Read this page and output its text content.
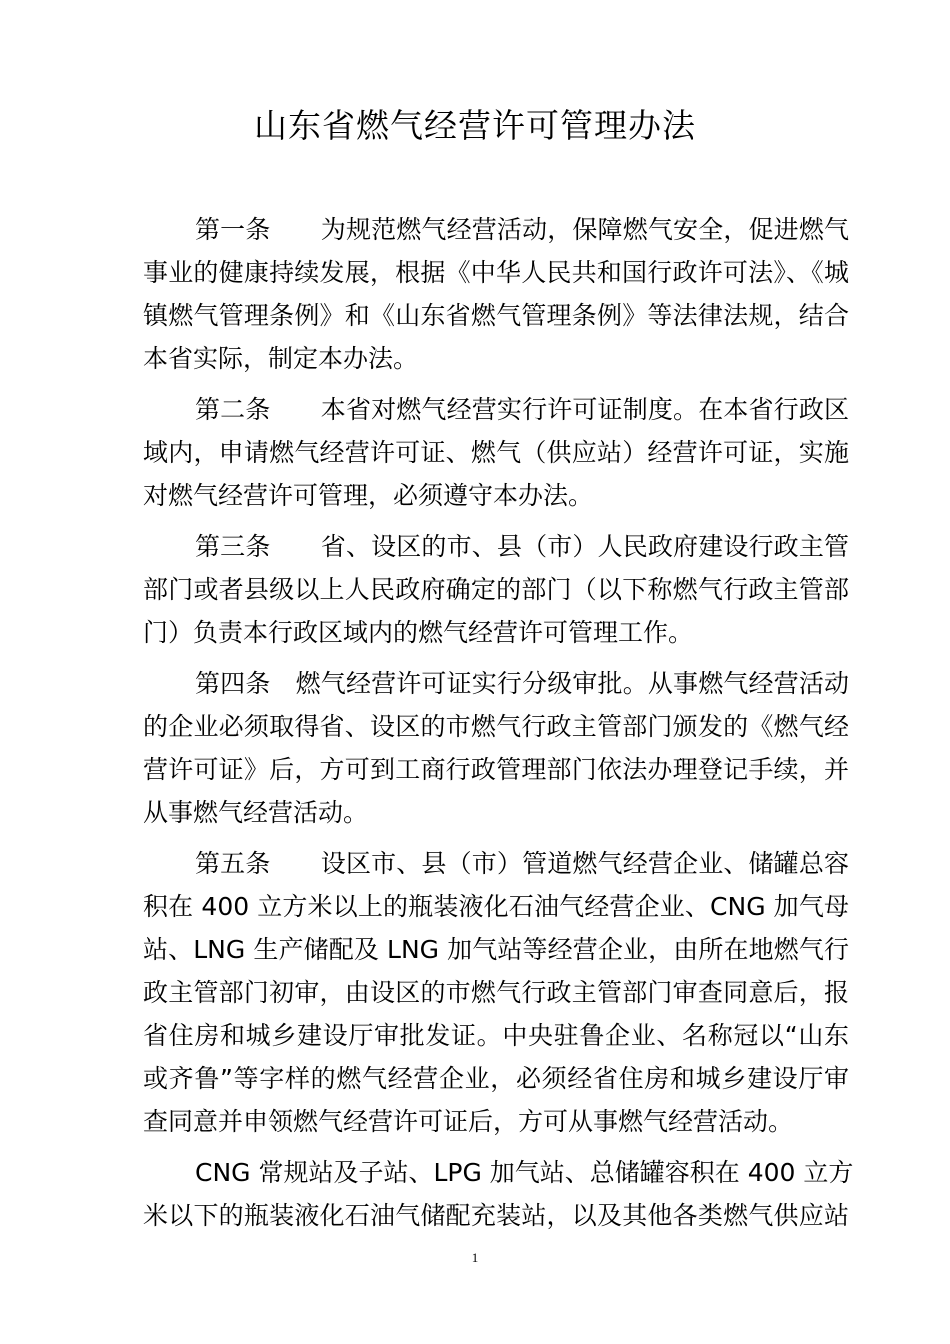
山东省燃气经营许可管理办法
第一条　　为规范燃气经营活动，保障燃气安全，促进燃气
事业的健康持续发展，根据《中华人民共和国行政许可法》、《城
镇燃气管理条例》和《山东省燃气管理条例》等法律法规，结合
本省实际，制定本办法。
第二条　　本省对燃气经营实行许可证制度。在本省行政区
域内，申请燃气经营许可证、燃气（供应站）经营许可证，实施
对燃气经营许可管理，必须遵守本办法。
第三条　　省、设区的市、县（市）人民政府建设行政主管
部门或者县级以上人民政府确定的部门（以下称燃气行政主管部
门）负责本行政区域内的燃气经营许可管理工作。
第四条　燃气经营许可证实行分级审批。从事燃气经营活动
的企业必须取得省、设区的市燃气行政主管部门颁发的《燃气经
营许可证》后，方可到工商行政管理部门依法办理登记手续，并
从事燃气经营活动。
第五条　　设区市、县（市）管道燃气经营企业、储罐总容
积在 400 立方米以上的瓶装液化石油气经营企业、CNG 加气母
站、LNG 生产储配及 LNG 加气站等经营企业，由所在地燃气行
政主管部门初审，由设区的市燃气行政主管部门审查同意后，报
省住房和城乡建设厅审批发证。中央驻鲁企业、名称冠以“山东
或齐鲁”等字样的燃气经营企业，必须经省住房和城乡建设厅审
查同意并申领燃气经营许可证后，方可从事燃气经营活动。
CNG 常规站及子站、LPG 加气站、总储罐容积在 400 立方
米以下的瓶装液化石油气储配充装站，以及其他各类燃气供应站
1
